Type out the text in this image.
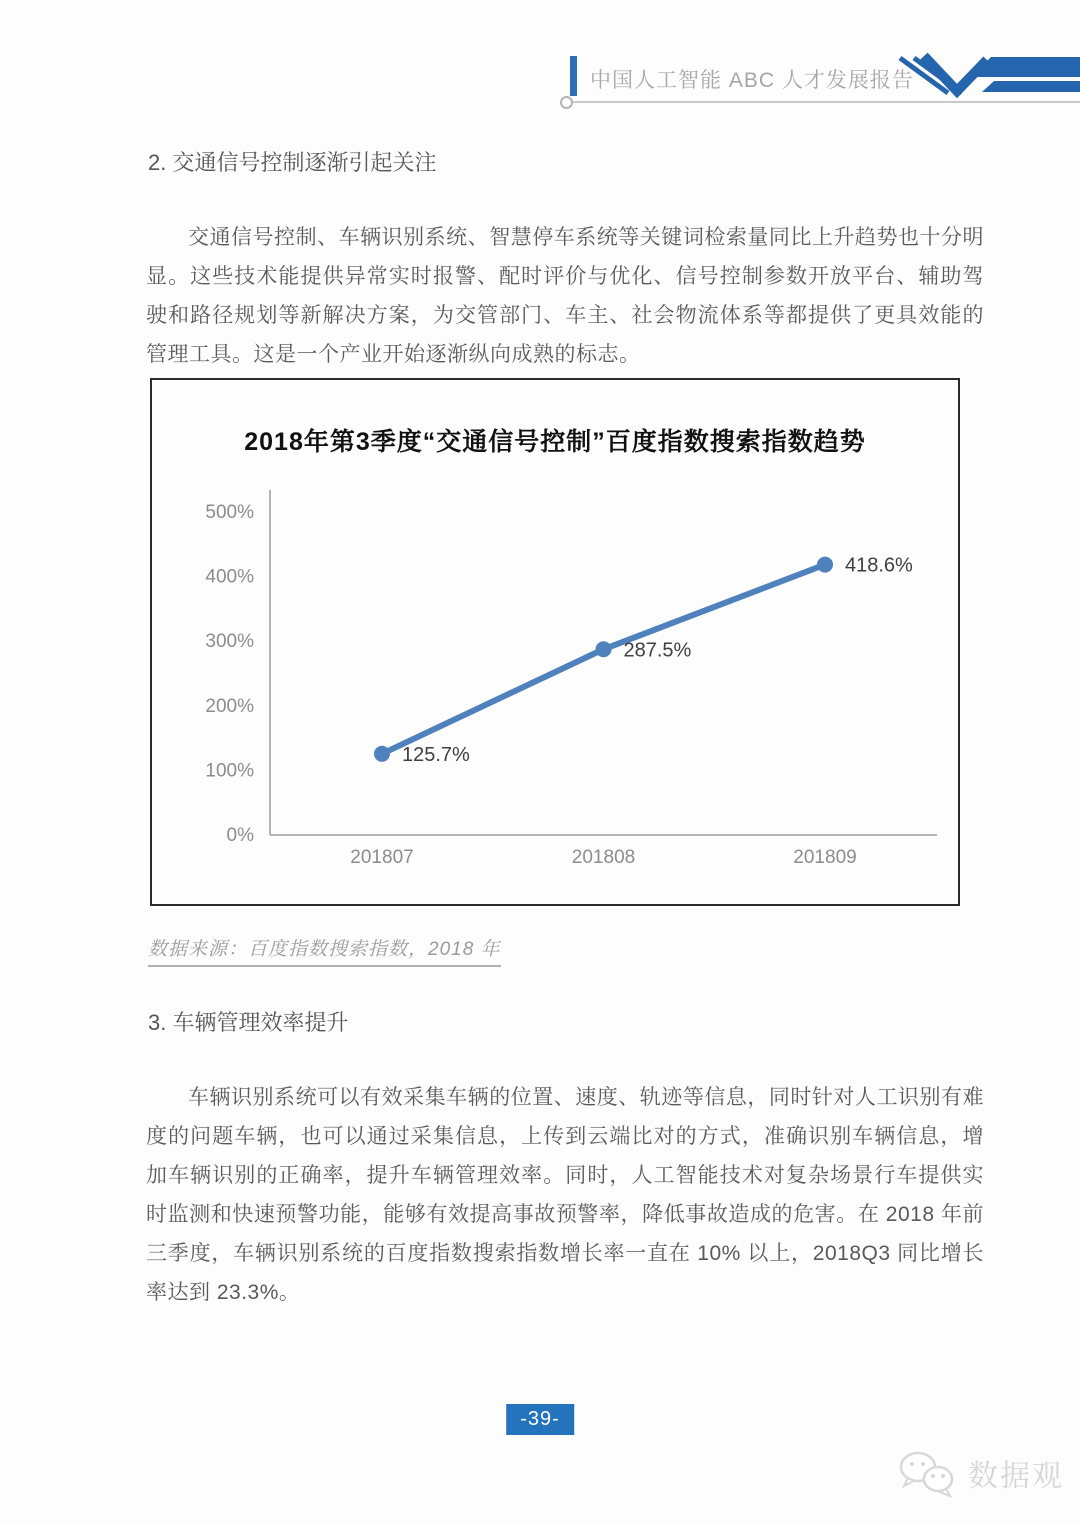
中国人工智能 ABC 人才发展报告
2. 交通信号控制逐渐引起关注
交通信号控制、车辆识别系统、智慧停车系统等关键词检索量同比上升趋势也十分明显。这些技术能提供异常实时报警、配时评价与优化、信号控制参数开放平台、辅助驾驶和路径规划等新解决方案，为交管部门、车主、社会物流体系等都提供了更具效能的管理工具。这是一个产业开始逐渐纵向成熟的标志。
2018年第3季度“交通信号控制”百度指数搜索指数趋势
0%
100%
200%
300%
400%
500%
201807	201808	201809
125.7%
287.5%
418.6%
数据来源：百度指数搜索指数，2018 年
3. 车辆管理效率提升
车辆识别系统可以有效采集车辆的位置、速度、轨迹等信息，同时针对人工识别有难度的问题车辆，也可以通过采集信息，上传到云端比对的方式，准确识别车辆信息，增加车辆识别的正确率，提升车辆管理效率。同时，人工智能技术对复杂场景行车提供实时监测和快速预警功能，能够有效提高事故预警率，降低事故造成的危害。在 2018 年前三季度，车辆识别系统的百度指数搜索指数增长率一直在 10% 以上，2018Q3 同比增长率达到 23.3%。
-39-
数据观
